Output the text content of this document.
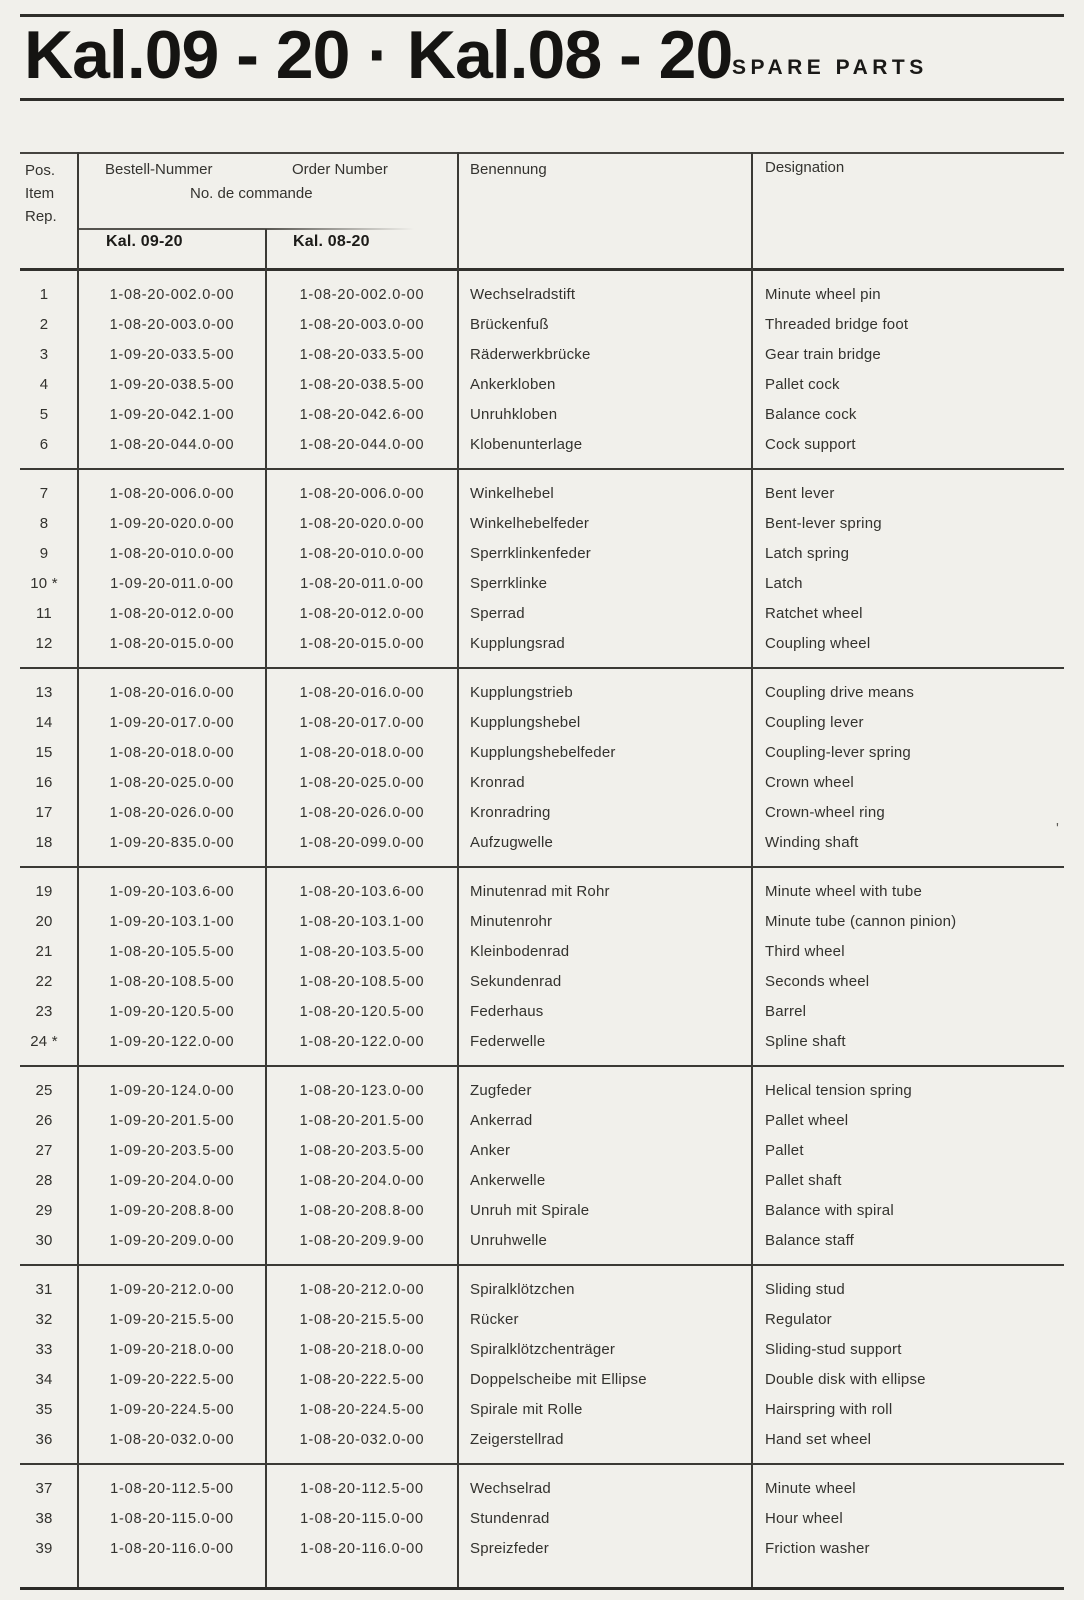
Kal.09 - 20 · Kal.08 - 20 SPARE PARTS
Pos.
Item
Rep.
Bestell-Nummer	Order Number
No. de commande
Kal. 09-20	Kal. 08-20
Benennung	Designation
1	1-08-20-002.0-00	1-08-20-002.0-00	Wechselradstift	Minute wheel pin
2	1-08-20-003.0-00	1-08-20-003.0-00	Brückenfuß	Threaded bridge foot
3	1-09-20-033.5-00	1-08-20-033.5-00	Räderwerkbrücke	Gear train bridge
4	1-09-20-038.5-00	1-08-20-038.5-00	Ankerkloben	Pallet cock
5	1-09-20-042.1-00	1-08-20-042.6-00	Unruhkloben	Balance cock
6	1-08-20-044.0-00	1-08-20-044.0-00	Klobenunterlage	Cock support
7	1-08-20-006.0-00	1-08-20-006.0-00	Winkelhebel	Bent lever
8	1-09-20-020.0-00	1-08-20-020.0-00	Winkelhebelfeder	Bent-lever spring
9	1-08-20-010.0-00	1-08-20-010.0-00	Sperrklinkenfeder	Latch spring
10 *	1-09-20-011.0-00	1-08-20-011.0-00	Sperrklinke	Latch
11	1-08-20-012.0-00	1-08-20-012.0-00	Sperrad	Ratchet wheel
12	1-08-20-015.0-00	1-08-20-015.0-00	Kupplungsrad	Coupling wheel
13	1-08-20-016.0-00	1-08-20-016.0-00	Kupplungstrieb	Coupling drive means
14	1-09-20-017.0-00	1-08-20-017.0-00	Kupplungshebel	Coupling lever
15	1-08-20-018.0-00	1-08-20-018.0-00	Kupplungshebelfeder	Coupling-lever spring
16	1-08-20-025.0-00	1-08-20-025.0-00	Kronrad	Crown wheel
17	1-08-20-026.0-00	1-08-20-026.0-00	Kronradring	Crown-wheel ring
18	1-09-20-835.0-00	1-08-20-099.0-00	Aufzugwelle	Winding shaft
19	1-09-20-103.6-00	1-08-20-103.6-00	Minutenrad mit Rohr	Minute wheel with tube
20	1-09-20-103.1-00	1-08-20-103.1-00	Minutenrohr	Minute tube (cannon pinion)
21	1-08-20-105.5-00	1-08-20-103.5-00	Kleinbodenrad	Third wheel
22	1-08-20-108.5-00	1-08-20-108.5-00	Sekundenrad	Seconds wheel
23	1-09-20-120.5-00	1-08-20-120.5-00	Federhaus	Barrel
24 *	1-09-20-122.0-00	1-08-20-122.0-00	Federwelle	Spline shaft
25	1-09-20-124.0-00	1-08-20-123.0-00	Zugfeder	Helical tension spring
26	1-09-20-201.5-00	1-08-20-201.5-00	Ankerrad	Pallet wheel
27	1-09-20-203.5-00	1-08-20-203.5-00	Anker	Pallet
28	1-09-20-204.0-00	1-08-20-204.0-00	Ankerwelle	Pallet shaft
29	1-09-20-208.8-00	1-08-20-208.8-00	Unruh mit Spirale	Balance with spiral
30	1-09-20-209.0-00	1-08-20-209.9-00	Unruhwelle	Balance staff
31	1-09-20-212.0-00	1-08-20-212.0-00	Spiralklötzchen	Sliding stud
32	1-09-20-215.5-00	1-08-20-215.5-00	Rücker	Regulator
33	1-09-20-218.0-00	1-08-20-218.0-00	Spiralklötzchenträger	Sliding-stud support
34	1-09-20-222.5-00	1-08-20-222.5-00	Doppelscheibe mit Ellipse	Double disk with ellipse
35	1-09-20-224.5-00	1-08-20-224.5-00	Spirale mit Rolle	Hairspring with roll
36	1-08-20-032.0-00	1-08-20-032.0-00	Zeigerstellrad	Hand set wheel
37	1-08-20-112.5-00	1-08-20-112.5-00	Wechselrad	Minute wheel
38	1-08-20-115.0-00	1-08-20-115.0-00	Stundenrad	Hour wheel
39	1-08-20-116.0-00	1-08-20-116.0-00	Spreizfeder	Friction washer
'
